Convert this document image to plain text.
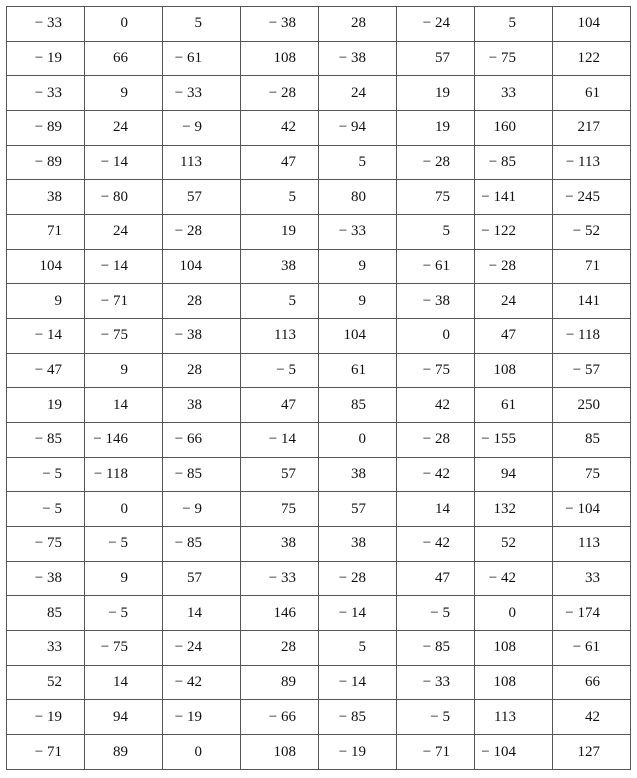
− 33	0	5	− 38	28	− 24	5	104
− 19	66	− 61	108	− 38	57	− 75	122
− 33	9	− 33	− 28	24	19	33	61
− 89	24	− 9	42	− 94	19	160	217
− 89	− 14	113	47	5	− 28	− 85	− 113
38	− 80	57	5	80	75	− 141	− 245
71	24	− 28	19	− 33	5	− 122	− 52
104	− 14	104	38	9	− 61	− 28	71
9	− 71	28	5	9	− 38	24	141
− 14	− 75	− 38	113	104	0	47	− 118
− 47	9	28	− 5	61	− 75	108	− 57
19	14	38	47	85	42	61	250
− 85	− 146	− 66	− 14	0	− 28	− 155	85
− 5	− 118	− 85	57	38	− 42	94	75
− 5	0	− 9	75	57	14	132	− 104
− 75	− 5	− 85	38	38	− 42	52	113
− 38	9	57	− 33	− 28	47	− 42	33
85	− 5	14	146	− 14	− 5	0	− 174
33	− 75	− 24	28	5	− 85	108	− 61
52	14	− 42	89	− 14	− 33	108	66
− 19	94	− 19	− 66	− 85	− 5	113	42
− 71	89	0	108	− 19	− 71	− 104	127
